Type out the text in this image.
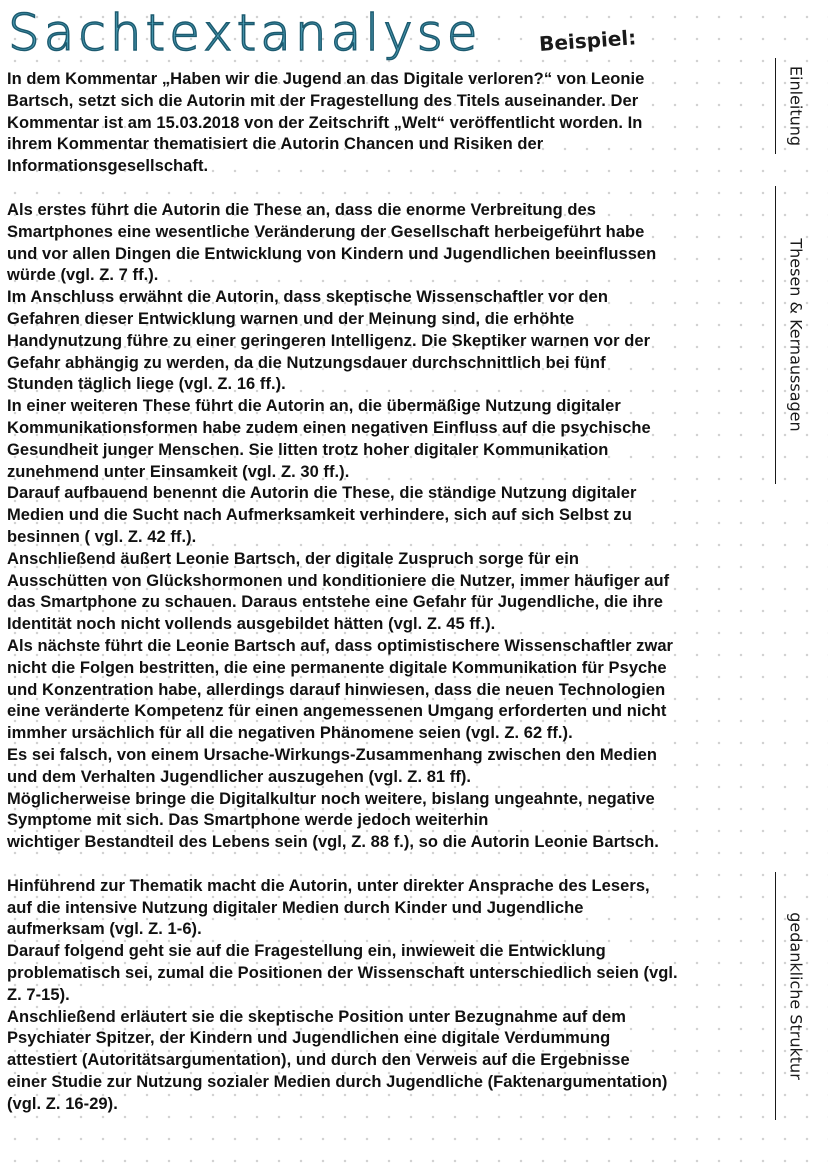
Sachtextanalyse	Beispiel:

In dem Kommentar „Haben wir die Jugend an das Digitale verloren?“ von Leonie
Bartsch, setzt sich die Autorin mit der Fragestellung des Titels auseinander. Der
Kommentar ist am 15.03.2018 von der Zeitschrift „Welt“ veröffentlicht worden. In
ihrem Kommentar thematisiert die Autorin Chancen und Risiken der
Informationsgesellschaft.

Als erstes führt die Autorin die These an, dass die enorme Verbreitung des
Smartphones eine wesentliche Veränderung der Gesellschaft herbeigeführt habe
und vor allen Dingen die Entwicklung von Kindern und Jugendlichen beeinflussen
würde (vgl. Z. 7 ff.).

Im Anschluss erwähnt die Autorin, dass skeptische Wissenschaftler vor den
Gefahren dieser Entwicklung warnen und der Meinung sind, die erhöhte
Handynutzung führe zu einer geringeren Intelligenz. Die Skeptiker warnen vor der
Gefahr abhängig zu werden, da die Nutzungsdauer durchschnittlich bei fünf
Stunden täglich liege (vgl. Z. 16 ff.).

In einer weiteren These führt die Autorin an, die übermäßige Nutzung digitaler
Kommunikationsformen habe zudem einen negativen Einfluss auf die psychische
Gesundheit junger Menschen. Sie litten trotz hoher digitaler Kommunikation
zunehmend unter Einsamkeit (vgl. Z. 30 ff.).

Darauf aufbauend benennt die Autorin die These, die ständige Nutzung digitaler
Medien und die Sucht nach Aufmerksamkeit verhindere, sich auf sich Selbst zu
besinnen ( vgl. Z. 42 ff.).

Anschließend äußert Leonie Bartsch, der digitale Zuspruch sorge für ein
Ausschütten von Glückshormonen und konditioniere die Nutzer, immer häufiger auf
das Smartphone zu schauen. Daraus entstehe eine Gefahr für Jugendliche, die ihre
Identität noch nicht vollends ausgebildet hätten (vgl. Z. 45 ff.).

Als nächste führt die Leonie Bartsch auf, dass optimistischere Wissenschaftler zwar
nicht die Folgen bestritten, die eine permanente digitale Kommunikation für Psyche
und Konzentration habe, allerdings darauf hinwiesen, dass die neuen Technologien
eine veränderte Kompetenz für einen angemessenen Umgang erforderten und nicht
immher ursächlich für all die negativen Phänomene seien (vgl. Z. 62 ff.).

Es sei falsch, von einem Ursache-Wirkungs-Zusammenhang zwischen den Medien
und dem Verhalten Jugendlicher auszugehen (vgl. Z. 81 ff).

Möglicherweise bringe die Digitalkultur noch weitere, bislang ungeahnte, negative
Symptome mit sich. Das Smartphone werde jedoch weiterhin
wichtiger Bestandteil des Lebens sein (vgl, Z. 88 f.), so die Autorin Leonie Bartsch.

Hinführend zur Thematik macht die Autorin, unter direkter Ansprache des Lesers,
auf die intensive Nutzung digitaler Medien durch Kinder und Jugendliche
aufmerksam (vgl. Z. 1-6).

Darauf folgend geht sie auf die Fragestellung ein, inwieweit die Entwicklung
problematisch sei, zumal die Positionen der Wissenschaft unterschiedlich seien (vgl.
Z. 7-15).

Anschließend erläutert sie die skeptische Position unter Bezugnahme auf dem
Psychiater Spitzer, der Kindern und Jugendlichen eine digitale Verdummung
attestiert (Autoritätsargumentation), und durch den Verweis auf die Ergebnisse
einer Studie zur Nutzung sozialer Medien durch Jugendliche (Faktenargumentation)
(vgl. Z. 16-29).

Einleitung
Thesen & Kernaussagen
gedankliche Struktur
